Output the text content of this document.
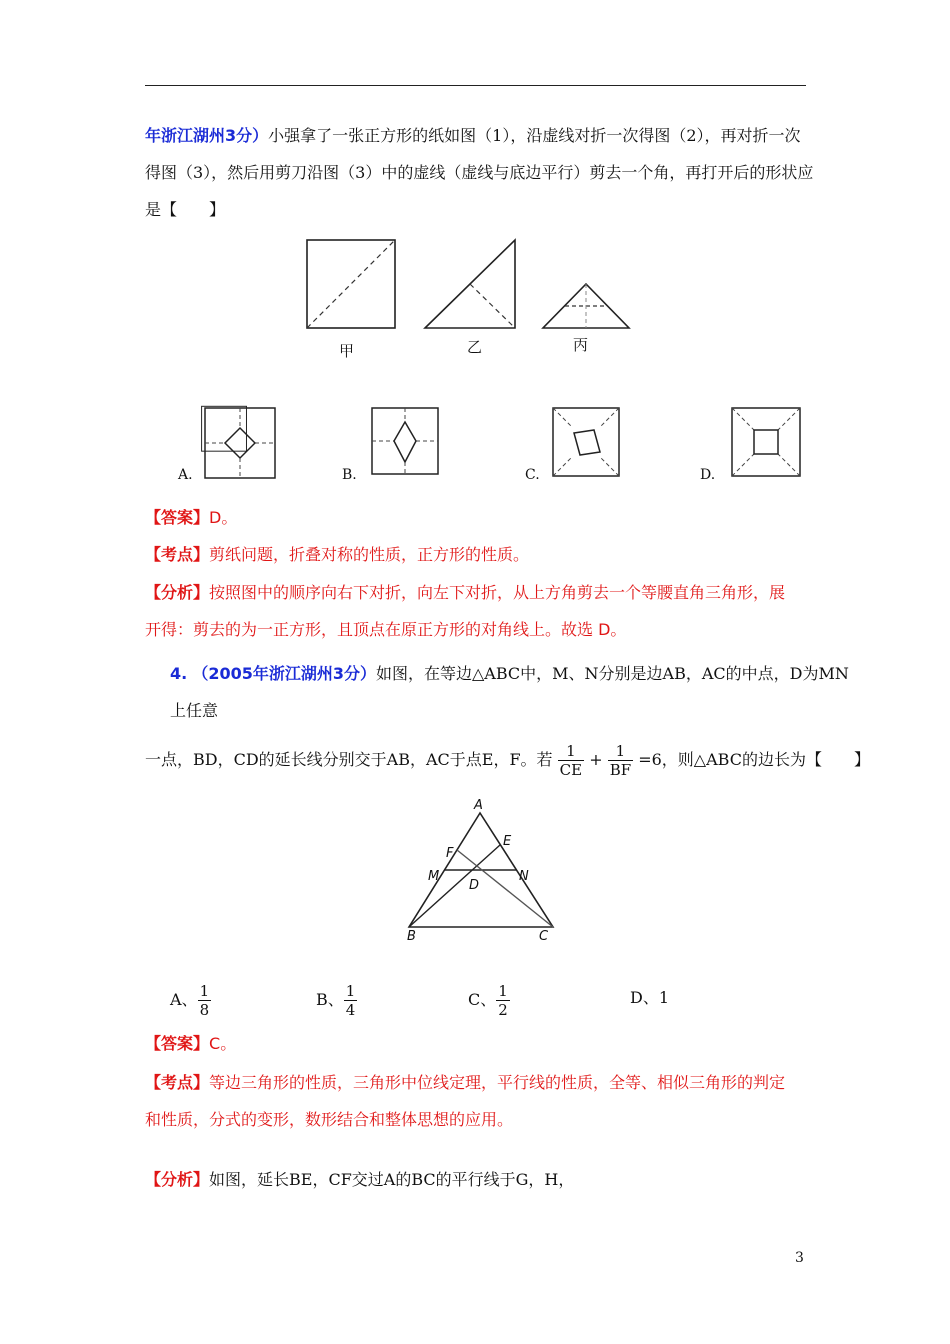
年浙江湖州3分）小强拿了一张正方形的纸如图（1），沿虚线对折一次得图（2），再对折一次
得图（3），然后用剪刀沿图（3）中的虚线（虚线与底边平行）剪去一个角，再打开后的形状应
是【　　】
甲	乙	丙
A.	B.	C.	D.
【答案】D。
【考点】剪纸问题，折叠对称的性质，正方形的性质。
【分析】按照图中的顺序向右下对折，向左下对折，从上方角剪去一个等腰直角三角形，展
开得：剪去的为一正方形，且顶点在原正方形的对角线上。故选 D。
4. （2005年浙江湖州3分）如图，在等边△ABC中，M、N分别是边AB，AC的中点，D为MN
上任意
一点，BD，CD的延长线分别交于AB，AC于点E，F。若 $\frac{1}{CE} + \frac{1}{BF} =6$，则△ABC的边长为【　　】
A
E
F
M
D
N
B	C
A、 $\frac{1}{8}$	B、 $\frac{1}{4}$	C、 $\frac{1}{2}$	D、1
【答案】C。
【考点】等边三角形的性质，三角形中位线定理，平行线的性质，全等、相似三角形的判定
和性质，分式的变形，数形结合和整体思想的应用。
【分析】如图，延长BE，CF交过A的BC的平行线于G，H，
3
